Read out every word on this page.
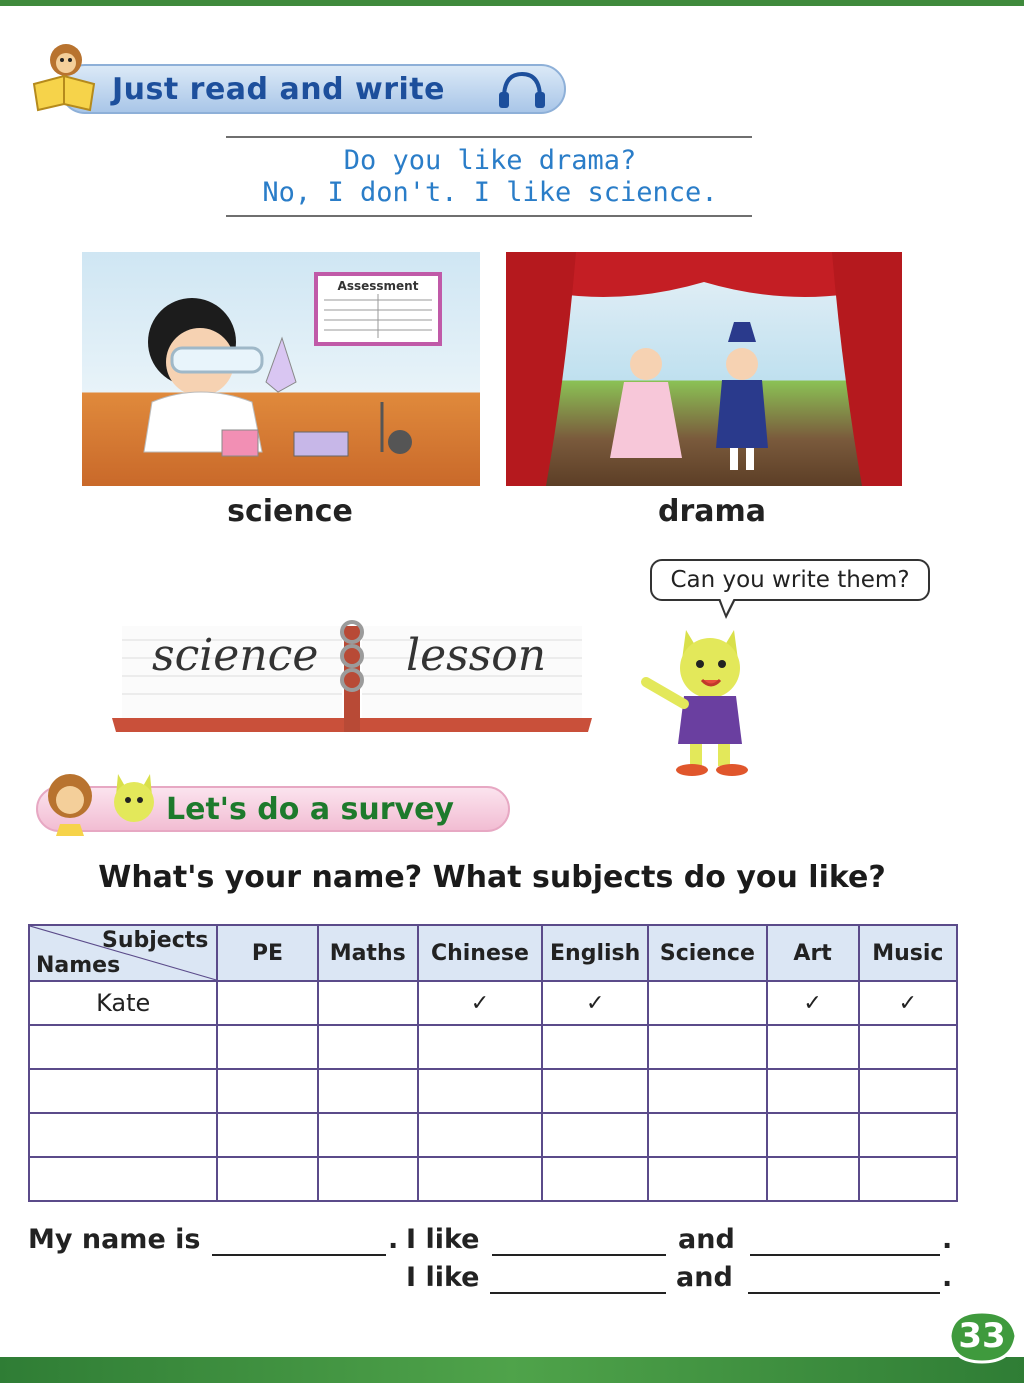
Just read and write
Do you like drama?
No, I don't. I like science.
Assessment
science	drama
science lesson
Can you write them?
Let's do a survey
What's your name? What subjects do you like?
Subjects
Names	PE	Maths	Chinese	English	Science	Art	Music
Kate			✓	✓		✓	✓

My name is	. I like	and	.
I like	and	.
33
